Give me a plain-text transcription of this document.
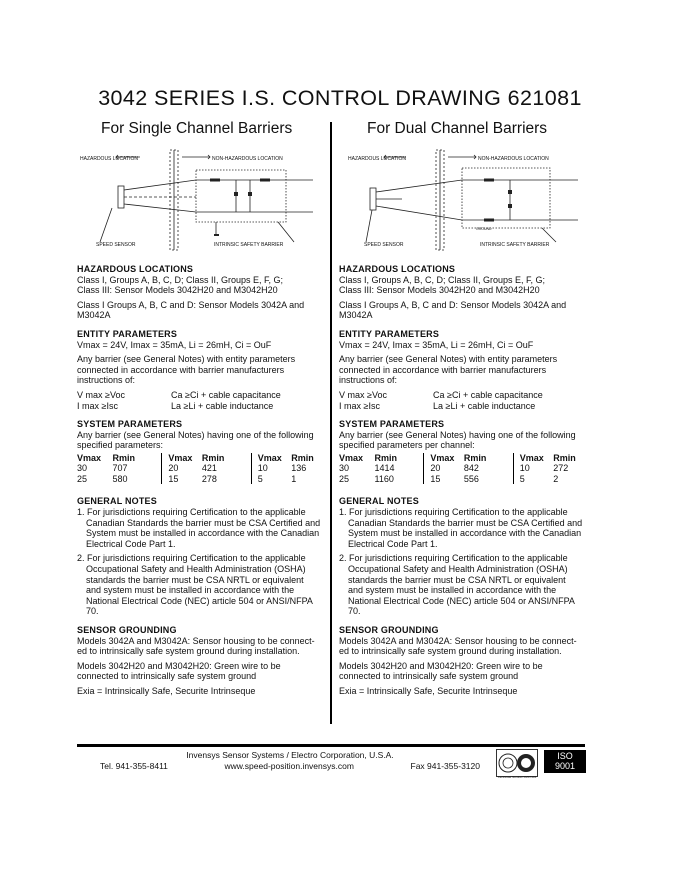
3042 SERIES I.S. CONTROL DRAWING 621081
For Single Channel Barriers	For Dual Channel Barriers
HAZARDOUS LOCATION	NON-HAZARDOUS LOCATION
SPEED SENSOR	INTRINSIC SAFETY BARRIER
HAZARDOUS LOCATION	NON-HAZARDOUS LOCATION
SPEED SENSOR	INTRINSIC SAFETY BARRIER
GROUND

HAZARDOUS LOCATIONS

Class I, Groups A, B, C, D; Class II, Groups E, F, G;

Class III: Sensor Models 3042H20 and M3042H20

Class I Groups A, B, C and D: Sensor Models 3042A and M3042A

ENTITY PARAMETERS

Vmax = 24V, Imax = 35mA, Li = 26mH, Ci = OuF

Any barrier (see General Notes) with entity parameters connected in accordance with barrier manufacturers instructions of:

V max ≥Voc	Ca ≥Ci + cable capacitance
I max ≥Isc	La ≥Li + cable inductance

SYSTEM PARAMETERS

Any barrier (see General Notes) having one of the following specified parameters:

Vmax	Rmin	Vmax	Rmin	Vmax	Rmin
30	707	20	421	10	136
25	580	15	278	5	1

GENERAL NOTES

1. For jurisdictions requiring Certification to the applicable Canadian Standards the barrier must be CSA Certified and System must be installed in accordance with the Canadian Electrical Code Part 1.
2. For jurisdictions requiring Certification to the applicable Occupational Safety and Health Administration (OSHA) standards the barrier must be CSA NRTL or equivalent and system must be installed in accordance with the National Electrical Code (NEC) article 504 or ANSI/NFPA 70.

SENSOR GROUNDING

Models 3042A and M3042A: Sensor housing to be connect- ed to intrinsically safe system ground during installation.

Models 3042H20 and M3042H20: Green wire to be connected to intrinsically safe system ground

Exia = Intrinsically Safe, Securite Intrinseque

HAZARDOUS LOCATIONS

Class I, Groups A, B, C, D; Class II, Groups E, F, G;

Class III: Sensor Models 3042H20 and M3042H20

Class I Groups A, B, C and D: Sensor Models 3042A and M3042A

ENTITY PARAMETERS

Vmax = 24V, Imax = 35mA, Li = 26mH, Ci = OuF

Any barrier (see General Notes) with entity parameters connected in accordance with barrier manufacturers instructions of:

V max ≥Voc	Ca ≥Ci + cable capacitance
I max ≥Isc	La ≥Li + cable inductance

SYSTEM PARAMETERS

Any barrier (see General Notes) having one of the following specified parameters per channel:

Vmax	Rmin	Vmax	Rmin	Vmax	Rmin
30	1414	20	842	10	272
25	1160	15	556	5	2

GENERAL NOTES

1. For jurisdictions requiring Certification to the applicable Canadian Standards the barrier must be CSA Certified and System must be installed in accordance with the Canadian Electrical Code Part 1.
2. For jurisdictions requiring Certification to the applicable Occupational Safety and Health Administration (OSHA) standards the barrier must be CSA NRTL or equivalent and system must be installed in accordance with the National Electrical Code (NEC) article 504 or ANSI/NFPA 70.

SENSOR GROUNDING

Models 3042A and M3042A: Sensor housing to be connect- ed to intrinsically safe system ground during installation.

Models 3042H20 and M3042H20: Green wire to be connected to intrinsically safe system ground

Exia = Intrinsically Safe, Securite Intrinseque

Invensys Sensor Systems / Electro Corporation, U.S.A.
Tel. 941-355-8411	www.speed-position.invensys.com	Fax 941-355-3120
Certificate Number FM97434
ISO
9001
